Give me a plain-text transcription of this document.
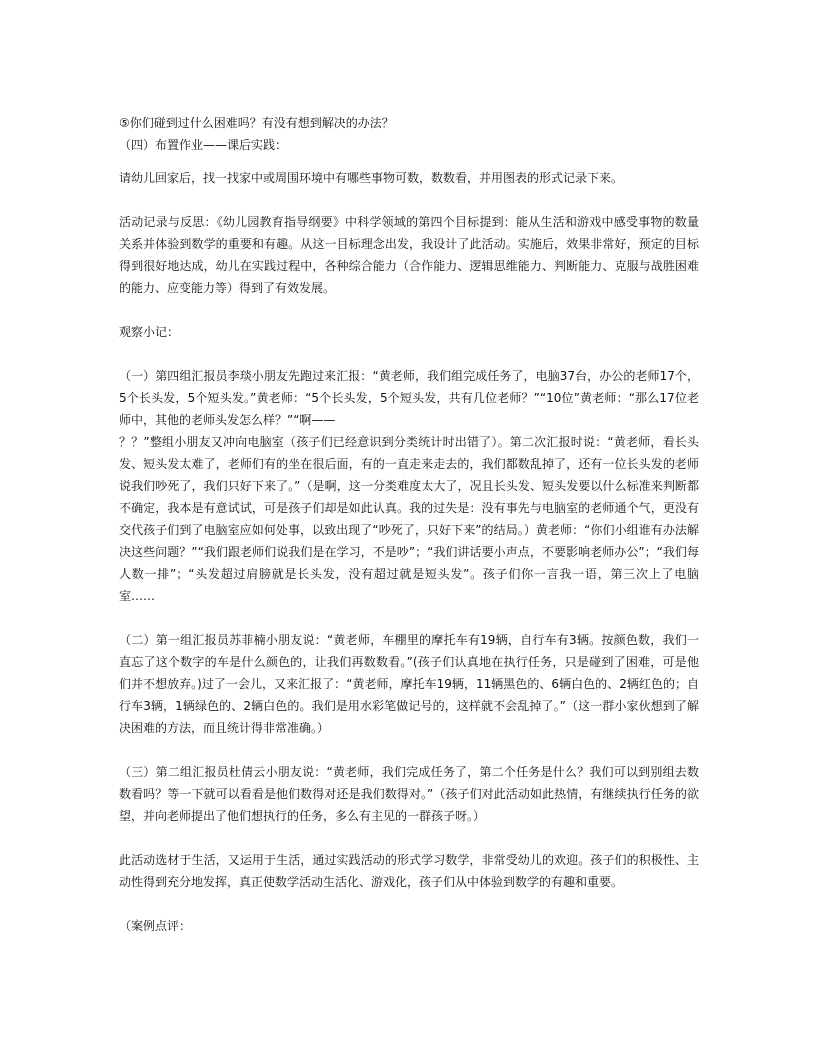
⑤你们碰到过什么困难吗？有没有想到解决的办法？

（四）布置作业——课后实践：

请幼儿回家后，找一找家中或周围环境中有哪些事物可数，数数看，并用图表的形式记录下来。

活动记录与反思：《幼儿园教育指导纲要》中科学领域的第四个目标提到：能从生活和游戏中感受事物的数量关系并体验到数学的重要和有趣。从这一目标理念出发，我设计了此活动。实施后，效果非常好，预定的目标得到很好地达成，幼儿在实践过程中，各种综合能力（合作能力、逻辑思维能力、判断能力、克服与战胜困难的能力、应变能力等）得到了有效发展。

观察小记：

（一）第四组汇报员李琰小朋友先跑过来汇报：“黄老师，我们组完成任务了，电脑37台，办公的老师17个，5个长头发，5个短头发。”黄老师：“5个长头发，5个短头发，共有几位老师？”“10位”黄老师：“那么17位老师中，其他的老师头发怎么样？”“啊——

？？”整组小朋友又冲向电脑室（孩子们已经意识到分类统计时出错了）。第二次汇报时说：“黄老师，看长头发、短头发太难了，老师们有的坐在很后面，有的一直走来走去的，我们都数乱掉了，还有一位长头发的老师说我们吵死了，我们只好下来了。”（是啊，这一分类难度太大了，况且长头发、短头发要以什么标准来判断都不确定，我本是有意试试，可是孩子们却是如此认真。我的过失是：没有事先与电脑室的老师通个气，更没有交代孩子们到了电脑室应如何处事，以致出现了“吵死了，只好下来”的结局。）黄老师：“你们小组谁有办法解决这些问题？”“我们跟老师们说我们是在学习，不是吵”；“我们讲话要小声点，不要影响老师办公”；“我们每人数一排”；“头发超过肩膀就是长头发，没有超过就是短头发”。孩子们你一言我一语，第三次上了电脑室……

（二）第一组汇报员苏菲楠小朋友说：“黄老师，车棚里的摩托车有19辆，自行车有3辆。按颜色数，我们一直忘了这个数字的车是什么颜色的，让我们再数数看。”(孩子们认真地在执行任务，只是碰到了困难，可是他们并不想放弃。)过了一会儿，又来汇报了：“黄老师，摩托车19辆，11辆黑色的、6辆白色的、2辆红色的；自行车3辆，1辆绿色的、2辆白色的。我们是用水彩笔做记号的，这样就不会乱掉了。”（这一群小家伙想到了解决困难的方法，而且统计得非常准确。）

（三）第二组汇报员杜倩云小朋友说：“黄老师，我们完成任务了，第二个任务是什么？我们可以到别组去数数看吗？等一下就可以看看是他们数得对还是我们数得对。”（孩子们对此活动如此热情，有继续执行任务的欲望，并向老师提出了他们想执行的任务，多么有主见的一群孩子呀。）

此活动选材于生活，又运用于生活，通过实践活动的形式学习数学，非常受幼儿的欢迎。孩子们的积极性、主动性得到充分地发挥，真正使数学活动生活化、游戏化，孩子们从中体验到数学的有趣和重要。

（案例点评：
